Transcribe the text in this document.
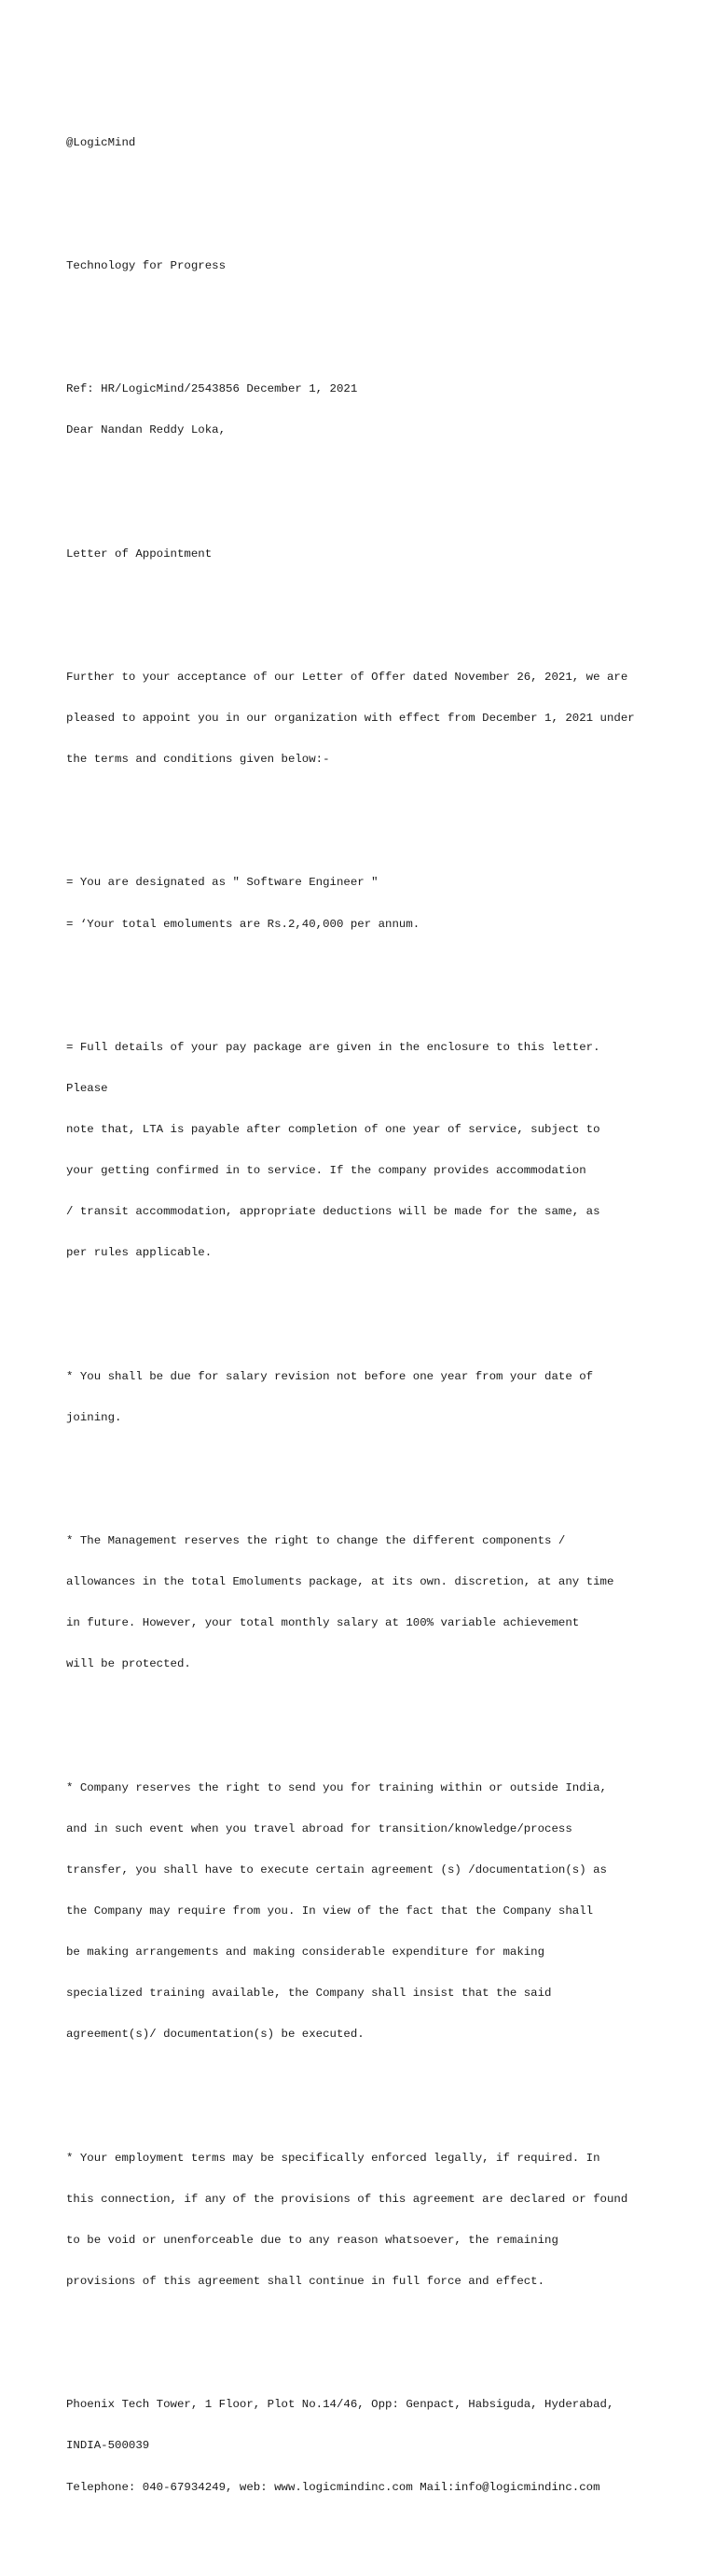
@LogicMind

Technology for Progress

Ref: HR/LogicMind/2543856 December 1, 2021

Dear Nandan Reddy Loka,

Letter of Appointment

Further to your acceptance of our Letter of Offer dated November 26, 2021, we are

pleased to appoint you in our organization with effect from December 1, 2021 under

the terms and conditions given below:-

= You are designated as " Software Engineer "

= ‘Your total emoluments are Rs.2,40,000 per annum.

= Full details of your pay package are given in the enclosure to this letter.

Please

note that, LTA is payable after completion of one year of service, subject to

your getting confirmed in to service. If the company provides accommodation

/ transit accommodation, appropriate deductions will be made for the same, as

per rules applicable.

* You shall be due for salary revision not before one year from your date of

joining.

* The Management reserves the right to change the different components /

allowances in the total Emoluments package, at its own. discretion, at any time

in future. However, your total monthly salary at 100% variable achievement

will be protected.

* Company reserves the right to send you for training within or outside India,

and in such event when you travel abroad for transition/knowledge/process

transfer, you shall have to execute certain agreement (s) /documentation(s) as

the Company may require from you. In view of the fact that the Company shall

be making arrangements and making considerable expenditure for making

specialized training available, the Company shall insist that the said

agreement(s)/ documentation(s) be executed.

* Your employment terms may be specifically enforced legally, if required. In

this connection, if any of the provisions of this agreement are declared or found

to be void or unenforceable due to any reason whatsoever, the remaining

provisions of this agreement shall continue in full force and effect.

Phoenix Tech Tower, 1 Floor, Plot No.14/46, Opp: Genpact, Habsiguda, Hyderabad,

INDIA-500039

Telephone: 040-67934249, web: www.logicmindinc.com Mail:info@logicmindinc.com
